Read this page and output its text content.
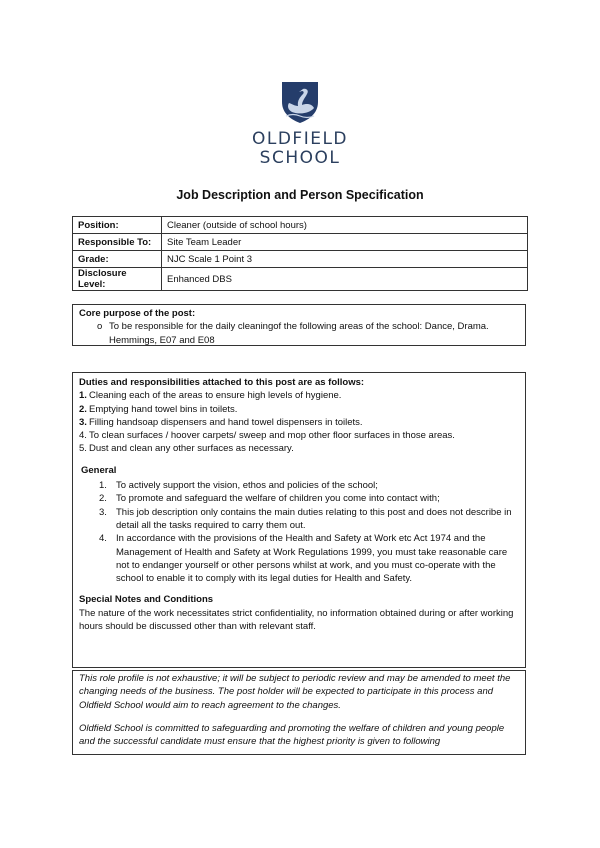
OLDFIELD
SCHOOL
Job Description and Person Specification
Position:	Cleaner (outside of school hours)
Responsible To:	Site Team Leader
Grade:	NJC Scale 1 Point 3
Disclosure Level:	Enhanced DBS
Core purpose of the post:
o To be responsible for the daily cleaningof the following areas of the school: Dance, Drama. Hemmings, E07 and E08
Duties and responsibilities attached to this post are as follows:
1. Cleaning each of the areas to ensure high levels of hygiene.
2. Emptying hand towel bins in toilets.
3. Filling handsoap dispensers and hand towel dispensers in toilets.
4. To clean surfaces / hoover carpets/ sweep and mop other floor surfaces in those areas.
5. Dust and clean any other surfaces as necessary.
General
1. To actively support the vision, ethos and policies of the school;
2. To promote and safeguard the welfare of children you come into contact with;
3. This job description only contains the main duties relating to this post and does not describe in detail all the tasks required to carry them out.
4. In accordance with the provisions of the Health and Safety at Work etc Act 1974 and the Management of Health and Safety at Work Regulations 1999, you must take reasonable care not to endanger yourself or other persons whilst at work, and you must co-operate with the school to enable it to comply with its legal duties for Health and Safety.
Special Notes and Conditions
The nature of the work necessitates strict confidentiality, no information obtained during or after working hours should be discussed other than with relevant staff.
This role profile is not exhaustive; it will be subject to periodic review and may be amended to meet the changing needs of the business. The post holder will be expected to participate in this process and Oldfield School would aim to reach agreement to the changes.
Oldfield School is committed to safeguarding and promoting the welfare of children and young people and the successful candidate must ensure that the highest priority is given to following
